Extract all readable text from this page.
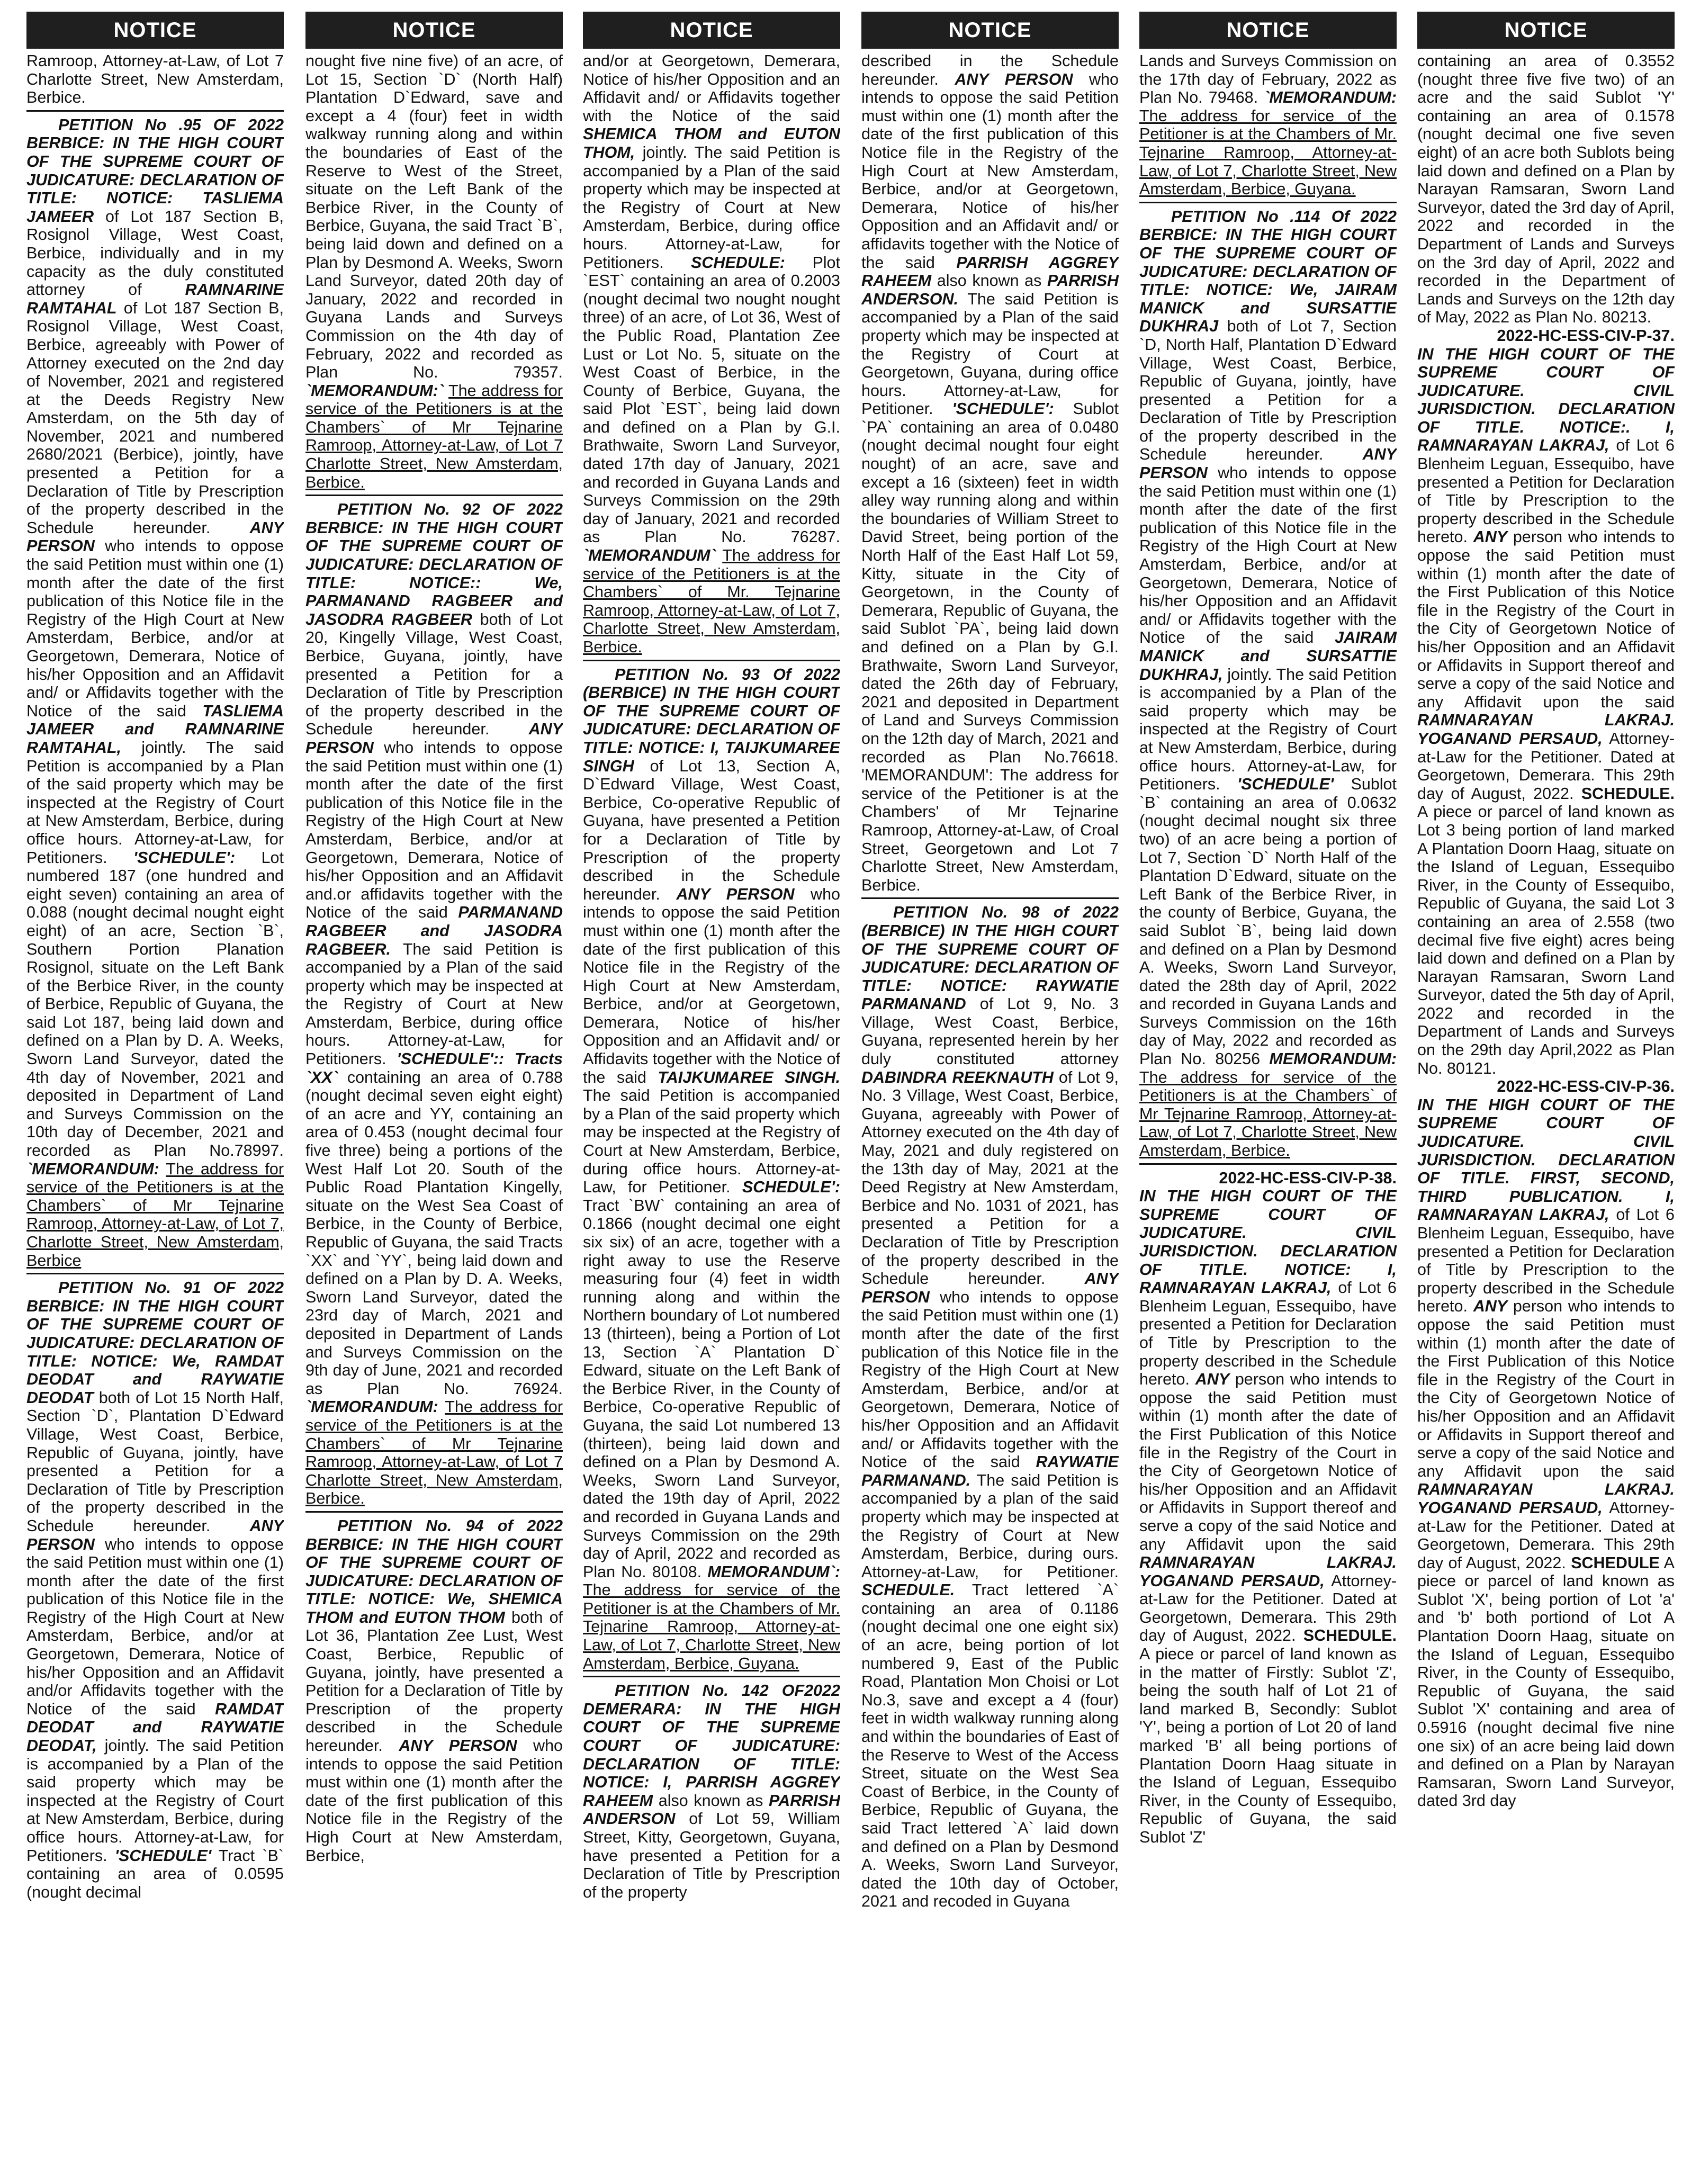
NOTICE

Ramroop, Attorney-at-Law, of Lot 7 Charlotte Street, New Amsterdam, Berbice.

PETITION No .95 OF 2022 BERBICE: IN THE HIGH COURT OF THE SUPREME COURT OF JUDICATURE: DECLARATION OF TITLE: NOTICE: TASLIEMA JAMEER of Lot 187 Section B, Rosignol Village, West Coast, Berbice, individually and in my capacity as the duly constituted attorney of	RAMNARINE RAMTAHAL of Lot 187 Section B, Rosignol Village, West Coast, Berbice, agreeably with Power of Attorney executed on the 2nd day of November, 2021 and registered at the Deeds Registry New Amsterdam, on the 5th day of November, 2021 and numbered 2680/2021 (Berbice), jointly, have presented a Petition for a Declaration of Title by Prescription of the property described in the Schedule hereunder. ANY PERSON who intends to oppose the said Petition must within one (1) month after the date of the first publication of this Notice file in the Registry of the High Court at New Amsterdam, Berbice, and/or at Georgetown, Demerara, Notice of his/her Opposition and an Affidavit and/ or Affidavits together with the Notice of the said TASLIEMA JAMEER and RAMNARINE RAMTAHAL, jointly. The said Petition is accompanied by a Plan of the said property which may be inspected at the Registry of Court at New Amsterdam, Berbice, during office hours. Attorney-at-Law, for Petitioners. 'SCHEDULE': Lot numbered 187 (one hundred and eight seven) containing an area of 0.088 (nought decimal nought eight eight) of an acre, Section `B`, Southern Portion Planation Rosignol, situate on the Left Bank of the Berbice River, in the county of Berbice, Republic of Guyana, the said Lot 187, being laid down and defined on a Plan by D. A. Weeks, Sworn Land Surveyor, dated the 4th day of November, 2021 and deposited in Department of Land and Surveys Commission on the 10th day of December, 2021 and recorded as Plan No.78997. `MEMORANDUM: The address for service of the Petitioners is at the Chambers` of Mr Tejnarine Ramroop, Attorney-at-Law, of Lot 7, Charlotte Street, New Amsterdam, Berbice

PETITION No. 91 OF 2022 BERBICE: IN THE HIGH COURT OF THE SUPREME COURT OF JUDICATURE: DECLARATION OF TITLE: NOTICE: We, RAMDAT DEODAT and RAYWATIE DEODAT both of Lot 15 North Half, Section `D`, Plantation D`Edward Village, West Coast, Berbice, Republic of Guyana, jointly, have presented a Petition for a Declaration of Title by Prescription of the property described in the Schedule hereunder. ANY PERSON who intends to oppose the said Petition must within one (1) month after the date of the first publication of this Notice file in the Registry of the High Court at New Amsterdam, Berbice, and/or at Georgetown, Demerara, Notice of his/her Opposition and an Affidavit and/or Affidavits together with the Notice of the said RAMDAT DEODAT and RAYWATIE DEODAT, jointly. The said Petition is accompanied by a Plan of the said property which may be inspected at the Registry of Court at New Amsterdam, Berbice, during office hours. Attorney-at-Law, for Petitioners. 'SCHEDULE' Tract `B` containing an area of 0.0595 (nought decimal

NOTICE

nought five nine five) of an acre, of Lot 15, Section `D` (North Half) Plantation D`Edward, save and except a 4 (four) feet in width walkway running along and within the boundaries of East of the Reserve to West of the Street, situate on the Left Bank of the Berbice River, in the County of Berbice, Guyana, the said Tract `B`, being laid down and defined on a Plan by Desmond A. Weeks, Sworn Land Surveyor, dated 20th day of January, 2022 and recorded in Guyana Lands and Surveys Commission on the 4th day of February, 2022 and recorded as Plan No. 79357. `MEMORANDUM:` The address for service of the Petitioners is at the Chambers` of Mr Tejnarine Ramroop, Attorney-at-Law, of Lot 7 Charlotte Street, New Amsterdam, Berbice.

PETITION No. 92 OF 2022 BERBICE: IN THE HIGH COURT OF THE SUPREME COURT OF JUDICATURE: DECLARATION OF TITLE: NOTICE:: We, PARMANAND RAGBEER and JASODRA RAGBEER both of Lot 20, Kingelly Village, West Coast, Berbice, Guyana, jointly, have presented a Petition for a Declaration of Title by Prescription of the property described in the Schedule hereunder. ANY PERSON who intends to oppose the said Petition must within one (1) month after the date of the first publication of this Notice file in the Registry of the High Court at New Amsterdam, Berbice, and/or at Georgetown, Demerara, Notice of his/her Opposition and an Affidavit and.or affidavits together with the Notice of the said PARMANAND RAGBEER and JASODRA RAGBEER. The said Petition is accompanied by a Plan of the said property which may be inspected at the Registry of Court at New Amsterdam, Berbice, during office hours. Attorney-at-Law, for Petitioners. 'SCHEDULE':: Tracts `XX` containing an area of 0.788 (nought decimal seven eight eight) of an acre and YY, containing an area of 0.453 (nought decimal four five three) being a portions of the West Half Lot 20. South of the Public Road Plantation Kingelly, situate on the West Sea Coast of Berbice, in the County of Berbice, Republic of Guyana, the said Tracts `XX` and `YY`, being laid down and defined on a Plan by D. A. Weeks, Sworn Land Surveyor, dated the 23rd day of March, 2021 and deposited in Department of Lands and Surveys Commission on the 9th day of June, 2021 and recorded as Plan No. 76924. `MEMORANDUM: The address for service of the Petitioners is at the Chambers` of Mr Tejnarine Ramroop, Attorney-at-Law, of Lot 7 Charlotte Street, New Amsterdam, Berbice.

PETITION No. 94 of 2022 BERBICE: IN THE HIGH COURT OF THE SUPREME COURT OF JUDICATURE: DECLARATION OF TITLE: NOTICE: We, SHEMICA THOM and EUTON THOM both of Lot 36, Plantation Zee Lust, West Coast, Berbice, Republic of Guyana, jointly, have presented a Petition for a Declaration of Title by Prescription of the property described in the Schedule hereunder. ANY PERSON who intends to oppose the said Petition must within one (1) month after the date of the first publication of this Notice file in the Registry of the High Court at New Amsterdam, Berbice,

NOTICE

and/or at Georgetown, Demerara, Notice of his/her Opposition and an Affidavit and/ or Affidavits together with the Notice of the said SHEMICA THOM and EUTON THOM, jointly. The said Petition is accompanied by a Plan of the said property which may be inspected at the Registry of Court at New Amsterdam, Berbice, during office hours. Attorney-at-Law, for Petitioners. SCHEDULE: Plot `EST` containing an area of 0.2003 (nought decimal two nought nought three) of an acre, of Lot 36, West of the Public Road, Plantation Zee Lust or Lot No. 5, situate on the West Coast of Berbice, in the County of Berbice, Guyana, the said Plot `EST`, being laid down and defined on a Plan by G.I. Brathwaite, Sworn Land Surveyor, dated 17th day of January, 2021 and recorded in Guyana Lands and Surveys Commission on the 29th day of January, 2021 and recorded as Plan No. 76287. `MEMORANDUM` The address for service of the Petitioners is at the Chambers` of Mr. Tejnarine Ramroop, Attorney-at-Law, of Lot 7, Charlotte Street, New Amsterdam, Berbice.

PETITION No. 93 Of 2022 (BERBICE) IN THE HIGH COURT OF THE SUPREME COURT OF JUDICATURE: DECLARATION OF TITLE: NOTICE: I, TAIJKUMAREE SINGH of Lot 13, Section A, D`Edward Village, West Coast, Berbice, Co-operative Republic of Guyana, have presented a Petition for a Declaration of Title by Prescription of the property described in the Schedule hereunder. ANY PERSON who intends to oppose the said Petition must within one (1) month after the date of the first publication of this Notice file in the Registry of the High Court at New Amsterdam, Berbice, and/or at Georgetown, Demerara, Notice of his/her Opposition and an Affidavit and/ or Affidavits together with the Notice of the said TAIJKUMAREE SINGH. The said Petition is accompanied by a Plan of the said property which may be inspected at the Registry of Court at New Amsterdam, Berbice, during office hours. Attorney-at-Law, for Petitioner. SCHEDULE': Tract `BW` containing an area of 0.1866 (nought decimal one eight six six) of an acre, together with a right away to use the Reserve measuring four (4) feet in width running along and within the Northern boundary of Lot numbered 13 (thirteen), being a Portion of Lot 13, Section `A` Plantation D` Edward, situate on the Left Bank of the Berbice River, in the County of Berbice, Co-operative Republic of Guyana, the said Lot numbered 13 (thirteen), being laid down and defined on a Plan by Desmond A. Weeks, Sworn Land Surveyor, dated the 19th day of April, 2022 and recorded in Guyana Lands and Surveys Commission on the 29th day of April, 2022 and recorded as Plan No. 80108. MEMORANDUM`: The address for service of the Petitioner is at the Chambers of Mr. Tejnarine Ramroop, Attorney-at-Law, of Lot 7, Charlotte Street, New Amsterdam, Berbice, Guyana.

PETITION No. 142 OF2022 DEMERARA: IN THE HIGH COURT OF THE SUPREME COURT OF JUDICATURE: DECLARATION OF TITLE: NOTICE: I, PARRISH AGGREY RAHEEM also known as PARRISH ANDERSON of Lot 59, William Street, Kitty, Georgetown, Guyana, have presented a Petition for a Declaration of Title by Prescription of the property

NOTICE

described in the Schedule hereunder. ANY PERSON who intends to oppose the said Petition must within one (1) month after the date of the first publication of this Notice file in the Registry of the High Court at New Amsterdam, Berbice, and/or at Georgetown, Demerara, Notice of his/her Opposition and an Affidavit and/ or affidavits together with the Notice of the said PARRISH AGGREY RAHEEM also known as PARRISH ANDERSON. The said Petition is accompanied by a Plan of the said property which may be inspected at the Registry of Court at Georgetown, Guyana, during office hours. Attorney-at-Law, for Petitioner. 'SCHEDULE': Sublot `PA` containing an area of 0.0480 (nought decimal nought four eight nought) of an acre, save and except a 16 (sixteen) feet in width alley way running along and within the boundaries of William Street to David Street, being portion of the North Half of the East Half Lot 59, Kitty, situate in the City of Georgetown, in the County of Demerara, Republic of Guyana, the said Sublot `PA`, being laid down and defined on a Plan by G.I. Brathwaite, Sworn Land Surveyor, dated the 26th day of February, 2021 and deposited in Department of Land and Surveys Commission on the 12th day of March, 2021 and recorded as Plan No.76618. 'MEMORANDUM': The address for service of the Petitioner is at the Chambers' of Mr Tejnarine Ramroop, Attorney-at-Law, of Croal Street, Georgetown and Lot 7 Charlotte Street, New Amsterdam, Berbice.

PETITION No. 98 of 2022 (BERBICE) IN THE HIGH COURT OF THE SUPREME COURT OF JUDICATURE: DECLARATION OF TITLE: NOTICE: RAYWATIE PARMANAND of Lot 9, No. 3 Village, West Coast, Berbice, Guyana, represented herein by her duly constituted attorney DABINDRA REEKNAUTH of Lot 9, No. 3 Village, West Coast, Berbice, Guyana, agreeably with Power of Attorney executed on the 4th day of May, 2021 and duly registered on the 13th day of May, 2021 at the Deed Registry at New Amsterdam, Berbice and No. 1031 of 2021, has presented a Petition for a Declaration of Title by Prescription of the property described in the Schedule hereunder. ANY PERSON who intends to oppose the said Petition must within one (1) month after the date of the first publication of this Notice file in the Registry of the High Court at New Amsterdam, Berbice, and/or at Georgetown, Demerara, Notice of his/her Opposition and an Affidavit and/ or Affidavits together with the Notice of the said RAYWATIE PARMANAND. The said Petition is accompanied by a plan of the said property which may be inspected at the Registry of Court at New Amsterdam, Berbice, during ours. Attorney-at-Law, for Petitioner. SCHEDULE. Tract lettered `A` containing an area of 0.1186 (nought decimal one one eight six) of an acre, being portion of lot numbered 9, East of the Public Road, Plantation Mon Choisi or Lot No.3, save and except a 4 (four) feet in width walkway running along and within the boundaries of East of the Reserve to West of the Access Street, situate on the West Sea Coast of Berbice, in the County of Berbice, Republic of Guyana, the said Tract lettered `A` laid down and defined on a Plan by Desmond A. Weeks, Sworn Land Surveyor, dated the 10th day of October, 2021 and recoded in Guyana

NOTICE

Lands and Surveys Commission on the 17th day of February, 2022 as Plan No. 79468. `MEMORANDUM: The address for service of the Petitioner is at the Chambers of Mr. Tejnarine Ramroop, Attorney-at-Law, of Lot 7, Charlotte Street, New Amsterdam, Berbice, Guyana.

PETITION No .114 Of 2022 BERBICE: IN THE HIGH COURT OF THE SUPREME COURT OF JUDICATURE: DECLARATION OF TITLE: NOTICE: We, JAIRAM MANICK and SURSATTIE DUKHRAJ both of Lot 7, Section `D, North Half, Plantation D`Edward Village, West Coast, Berbice, Republic of Guyana, jointly, have presented a Petition for a Declaration of Title by Prescription of the property described in the Schedule hereunder. ANY PERSON who intends to oppose the said Petition must within one (1) month after the date of the first publication of this Notice file in the Registry of the High Court at New Amsterdam, Berbice, and/or at Georgetown, Demerara, Notice of his/her Opposition and an Affidavit and/ or Affidavits together with the Notice of the said JAIRAM MANICK and SURSATTIE DUKHRAJ, jointly. The said Petition is accompanied by a Plan of the said property which may be inspected at the Registry of Court at New Amsterdam, Berbice, during office hours. Attorney-at-Law, for Petitioners. 'SCHEDULE' Sublot `B` containing an area of 0.0632 (nought decimal nought six three two) of an acre being a portion of Lot 7, Section `D` North Half of the Plantation D`Edward, situate on the Left Bank of the Berbice River, in the county of Berbice, Guyana, the said Sublot `B`, being laid down and defined on a Plan by Desmond A. Weeks, Sworn Land Surveyor, dated the 28th day of April, 2022 and recorded in Guyana Lands and Surveys Commission on the 16th day of May, 2022 and recorded as Plan No. 80256 MEMORANDUM: The address for service of the Petitioners is at the Chambers` of Mr Tejnarine Ramroop, Attorney-at-Law, of Lot 7, Charlotte Street, New Amsterdam, Berbice.

2022-HC-ESS-CIV-P-38.

IN THE HIGH COURT OF THE SUPREME COURT OF JUDICATURE. CIVIL JURISDICTION. DECLARATION OF TITLE. NOTICE: I, RAMNARAYAN LAKRAJ, of Lot 6 Blenheim Leguan, Essequibo, have presented a Petition for Declaration of Title by Prescription to the property described in the Schedule hereto. ANY person who intends to oppose the said Petition must within (1) month after the date of the First Publication of this Notice file in the Registry of the Court in the City of Georgetown Notice of his/her Opposition and an Affidavit or Affidavits in Support thereof and serve a copy of the said Notice and any Affidavit upon the said RAMNARAYAN LAKRAJ. YOGANAND PERSAUD, Attorney-at-Law for the Petitioner. Dated at Georgetown, Demerara. This 29th day of August, 2022. SCHEDULE. A piece or parcel of land known as in the matter of Firstly: Sublot 'Z', being the south half of Lot 21 of land marked B, Secondly: Sublot 'Y', being a portion of Lot 20 of land marked 'B' all being portions of Plantation Doorn Haag situate in the Island of Leguan, Essequibo River, in the County of Essequibo, Republic of Guyana, the said Sublot 'Z'

NOTICE

containing an area of 0.3552 (nought three five five two) of an acre and the said Sublot 'Y' containing an area of 0.1578 (nought decimal one five seven eight) of an acre both Sublots being laid down and defined on a Plan by Narayan Ramsaran, Sworn Land Surveyor, dated the 3rd day of April, 2022 and recorded in the Department of Lands and Surveys on the 3rd day of April, 2022 and recorded in the Department of Lands and Surveys on the 12th day of May, 2022 as Plan No. 80213.

2022-HC-ESS-CIV-P-37.

IN THE HIGH COURT OF THE SUPREME COURT OF JUDICATURE. CIVIL JURISDICTION. DECLARATION OF TITLE. NOTICE:. I, RAMNARAYAN LAKRAJ, of Lot 6 Blenheim Leguan, Essequibo, have presented a Petition for Declaration of Title by Prescription to the property described in the Schedule hereto. ANY person who intends to oppose the said Petition must within (1) month after the date of the First Publication of this Notice file in the Registry of the Court in the City of Georgetown Notice of his/her Opposition and an Affidavit or Affidavits in Support thereof and serve a copy of the said Notice and any Affidavit upon the said RAMNARAYAN LAKRAJ. YOGANAND PERSAUD, Attorney-at-Law for the Petitioner. Dated at Georgetown, Demerara. This 29th day of August, 2022. SCHEDULE. A piece or parcel of land known as Lot 3 being portion of land marked A Plantation Doorn Haag, situate on the Island of Leguan, Essequibo River, in the County of Essequibo, Republic of Guyana, the said Lot 3 containing an area of 2.558 (two decimal five five eight) acres being laid down and defined on a Plan by Narayan Ramsaran, Sworn Land Surveyor, dated the 5th day of April, 2022 and recorded in the Department of Lands and Surveys on the 29th day April,2022 as Plan No. 80121.

2022-HC-ESS-CIV-P-36.

IN THE HIGH COURT OF THE SUPREME COURT OF JUDICATURE. CIVIL JURISDICTION. DECLARATION OF TITLE. FIRST, SECOND, THIRD PUBLICATION. I, RAMNARAYAN LAKRAJ, of Lot 6 Blenheim Leguan, Essequibo, have presented a Petition for Declaration of Title by Prescription to the property described in the Schedule hereto. ANY person who intends to oppose the said Petition must within (1) month after the date of the First Publication of this Notice file in the Registry of the Court in the City of Georgetown Notice of his/her Opposition and an Affidavit or Affidavits in Support thereof and serve a copy of the said Notice and any Affidavit upon the said RAMNARAYAN LAKRAJ. YOGANAND PERSAUD, Attorney-at-Law for the Petitioner. Dated at Georgetown, Demerara. This 29th day of August, 2022. SCHEDULE A piece or parcel of land known as Sublot 'X', being portion of Lot 'a' and 'b' both portiond of Lot A Plantation Doorn Haag, situate on the Island of Leguan, Essequibo River, in the County of Essequibo, Republic of Guyana, the said Sublot 'X' containing and area of 0.5916 (nought decimal five nine one six) of an acre being laid down and defined on a Plan by Narayan Ramsaran, Sworn Land Surveyor, dated 3rd day
